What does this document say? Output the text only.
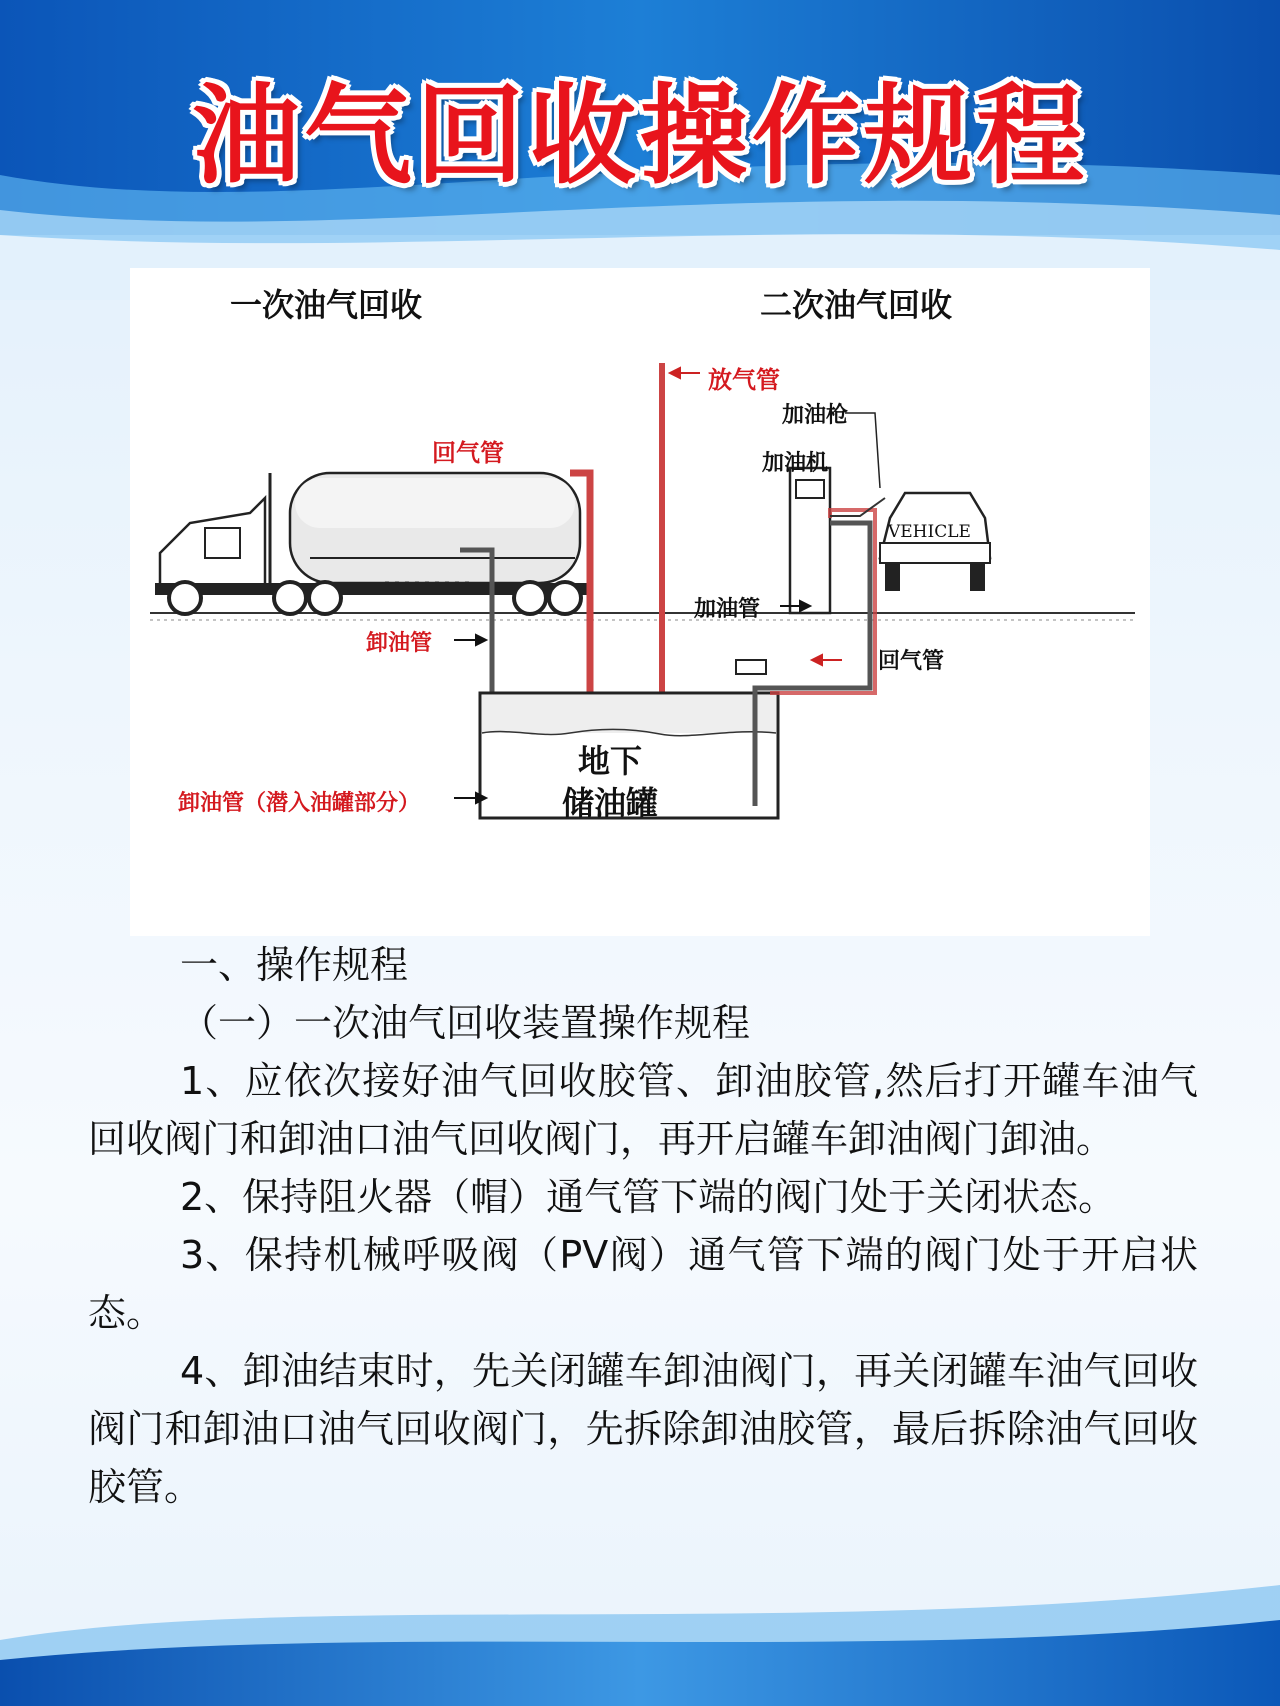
油气回收操作规程
一次油气回收	二次油气回收
放气管
加油枪
加油机
回气管
VEHICLE
加油管
卸油管
回气管
地下
储油罐
卸油管（潜入油罐部分）

一、操作规程

（一）一次油气回收装置操作规程

1、应依次接好油气回收胶管、卸油胶管,然后打开罐车油气回收阀门和卸油口油气回收阀门，再开启罐车卸油阀门卸油。

2、保持阻火器（帽）通气管下端的阀门处于关闭状态。

3、保持机械呼吸阀（PV阀）通气管下端的阀门处于开启状态。

4、卸油结束时，先关闭罐车卸油阀门，再关闭罐车油气回收阀门和卸油口油气回收阀门，先拆除卸油胶管，最后拆除油气回收胶管。
